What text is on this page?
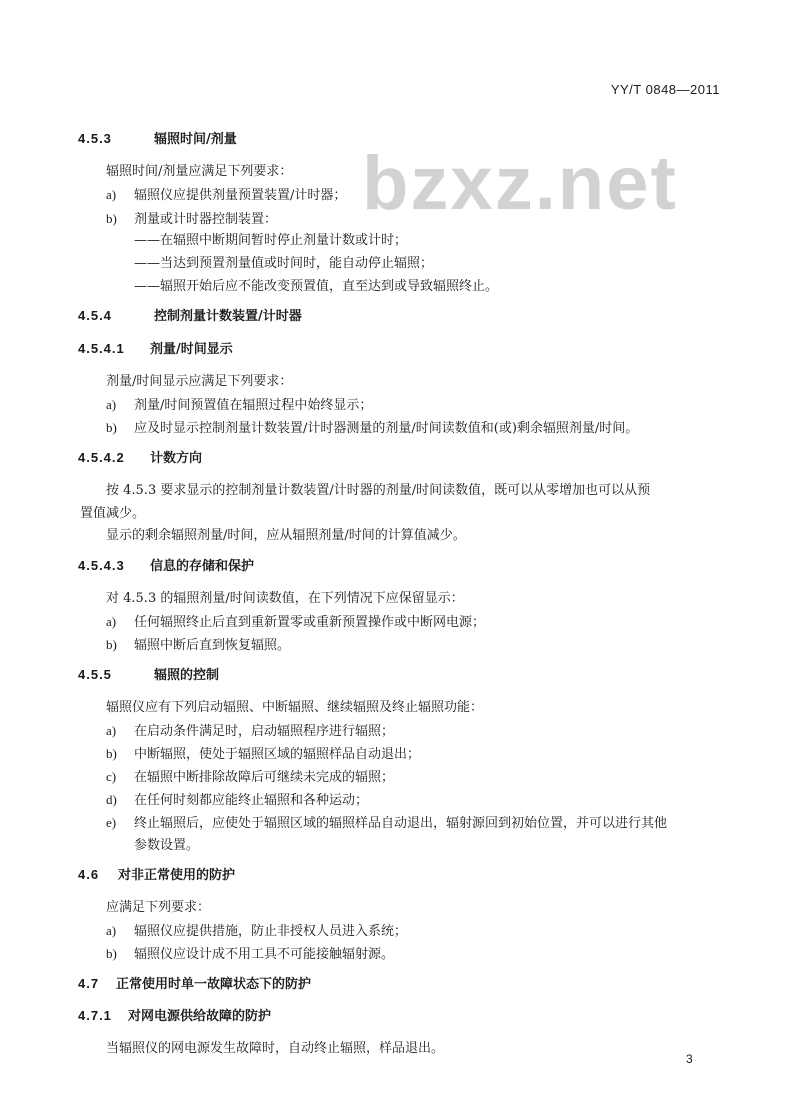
YY/T 0848—2011
bzxz.net
4.5.3	辐照时间/剂量
辐照时间/剂量应满足下列要求：
a) 辐照仪应提供剂量预置装置/计时器；
b) 剂量或计时器控制装置：
——在辐照中断期间暂时停止剂量计数或计时；
——当达到预置剂量值或时间时，能自动停止辐照；
——辐照开始后应不能改变预置值，直至达到或导致辐照终止。
4.5.4	控制剂量计数装置/计时器
4.5.4.1 剂量/时间显示
剂量/时间显示应满足下列要求：
a) 剂量/时间预置值在辐照过程中始终显示；
b) 应及时显示控制剂量计数装置/计时器测量的剂量/时间读数值和(或)剩余辐照剂量/时间。
4.5.4.2 计数方向
按 4.5.3 要求显示的控制剂量计数装置/计时器的剂量/时间读数值，既可以从零增加也可以从预
置值减少。
显示的剩余辐照剂量/时间，应从辐照剂量/时间的计算值减少。
4.5.4.3 信息的存储和保护
对 4.5.3 的辐照剂量/时间读数值，在下列情况下应保留显示：
a) 任何辐照终止后直到重新置零或重新预置操作或中断网电源；
b) 辐照中断后直到恢复辐照。
4.5.5	辐照的控制
辐照仪应有下列启动辐照、中断辐照、继续辐照及终止辐照功能：
a) 在启动条件满足时，启动辐照程序进行辐照；
b) 中断辐照，使处于辐照区域的辐照样品自动退出；
c) 在辐照中断排除故障后可继续未完成的辐照；
d) 在任何时刻都应能终止辐照和各种运动；
e) 终止辐照后，应使处于辐照区域的辐照样品自动退出，辐射源回到初始位置，并可以进行其他
参数设置。
4.6 对非正常使用的防护
应满足下列要求：
a) 辐照仪应提供措施，防止非授权人员进入系统；
b) 辐照仪应设计成不用工具不可能接触辐射源。
4.7 正常使用时单一故障状态下的防护
4.7.1 对网电源供给故障的防护
当辐照仪的网电源发生故障时，自动终止辐照，样品退出。
3
